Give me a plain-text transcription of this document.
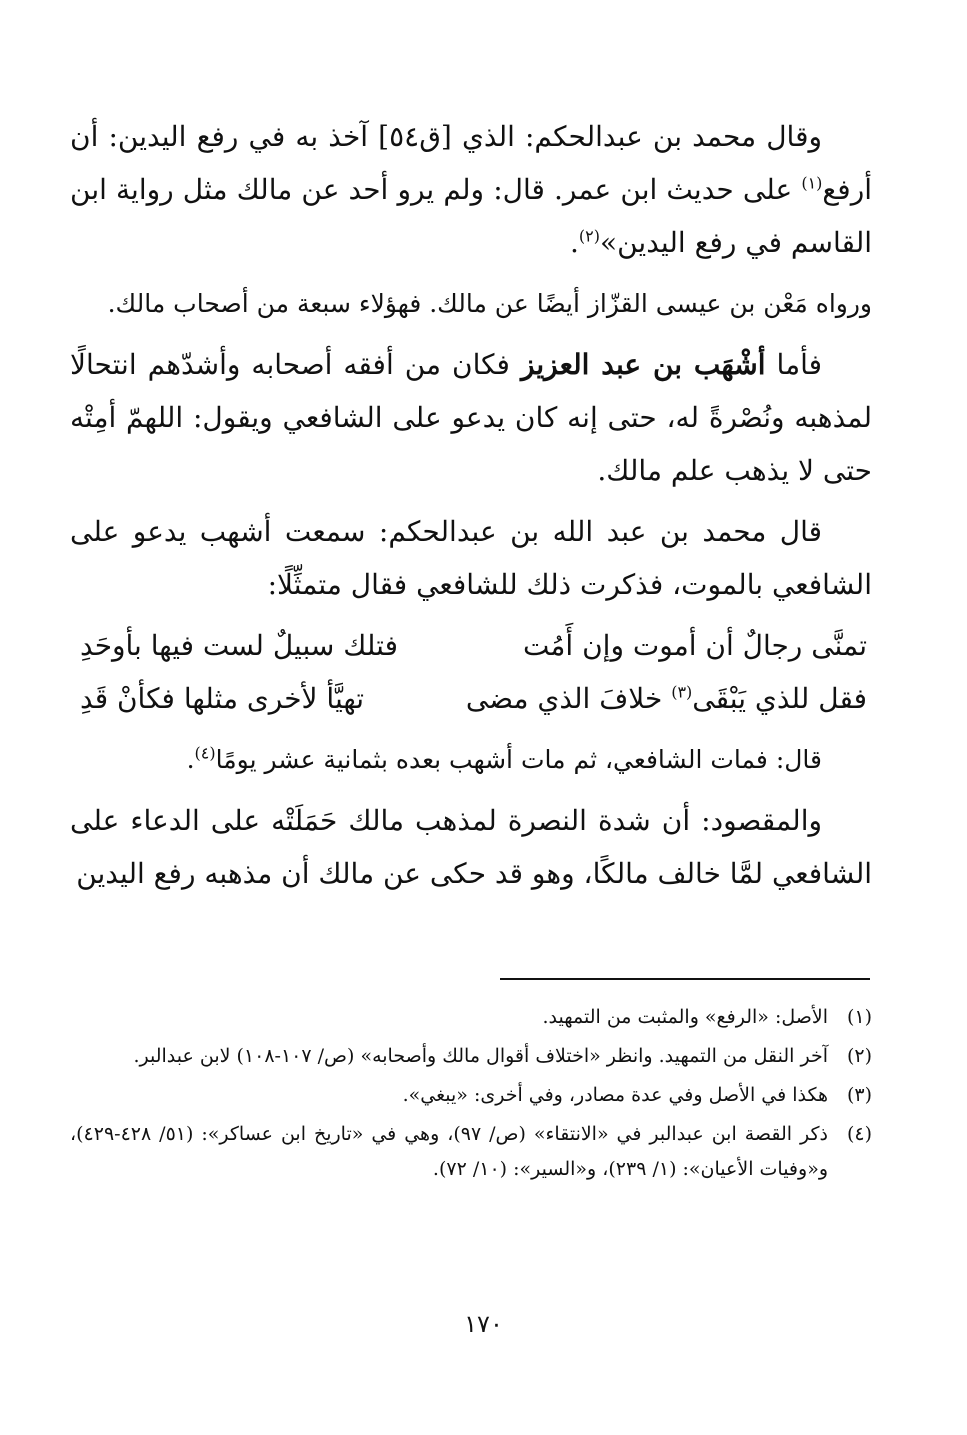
وقال محمد بن عبدالحكم: الذي [ق٥٤] آخذ به في رفع اليدين: أن أرفع$^{(١)}$ على حديث ابن عمر. قال: ولم يرو أحد عن مالك مثل رواية ابن القاسم في رفع اليدين»$^{(٢)}$.

ورواه مَعْن بن عيسى القزّاز أيضًا عن مالك. فهؤلاء سبعة من أصحاب مالك.

فأما أشْهَب بن عبد العزيز فكان من أفقه أصحابه وأشدّهم انتحالًا لمذهبه ونُصْرةً له، حتى إنه كان يدعو على الشافعي ويقول: اللهمّ أمِتْه حتى لا يذهب علم مالك.

قال محمد بن عبد الله بن عبدالحكم: سمعت أشهب يدعو على الشافعي بالموت، فذكرت ذلك للشافعي فقال متمثِّلًا:

تمنَّى رجالٌ أن أموت وإن أَمُت
فتلك سبيلٌ لست فيها بأوحَدِ
فقل للذي يَبْقَى$^{(٣)}$ خلافَ الذي مضى
تهيَّأ لأخرى مثلها فكأنْ قَدِ

قال: فمات الشافعي، ثم مات أشهب بعده بثمانية عشر يومًا$^{(٤)}$.

والمقصود: أن شدة النصرة لمذهب مالك حَمَلَتْه على الدعاء على الشافعي لمَّا خالف مالكًا، وهو قد حكى عن مالك أن مذهبه رفع اليدين

(١)
الأصل: «الرفع» والمثبت من التمهيد.
(٢)
آخر النقل من التمهيد. وانظر «اختلاف أقوال مالك وأصحابه» (ص/ ١٠٧-١٠٨) لابن عبدالبر.
(٣)
هكذا في الأصل وفي عدة مصادر، وفي أخرى: «يبغي».
(٤)
ذكر القصة ابن عبدالبر في «الانتقاء» (ص/ ٩٧)، وهي في «تاريخ ابن عساكر»: (٥١/ ٤٢٨-٤٢٩)، و«وفيات الأعيان»: (١/ ٢٣٩)، و«السير»: (١٠/ ٧٢).
١٧٠
